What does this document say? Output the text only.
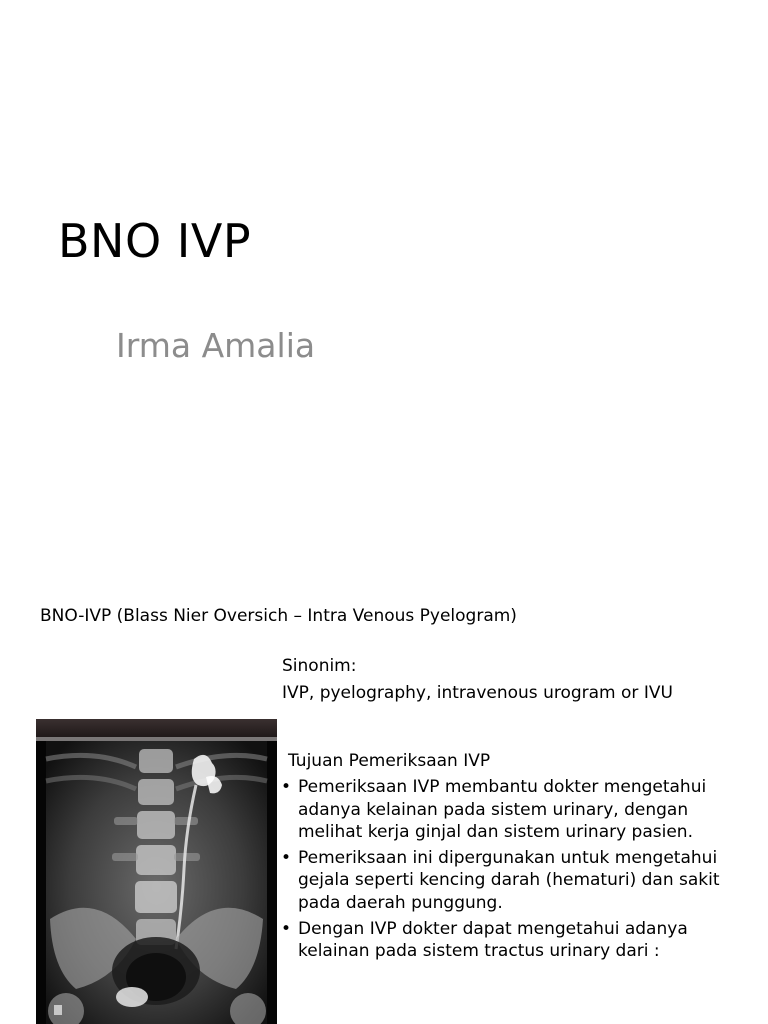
BNO IVP
Irma Amalia
BNO-IVP (Blass Nier Oversich – Intra Venous Pyelogram)
Sinonim:
IVP, pyelography, intravenous urogram or IVU
Tujuan Pemeriksaan IVP
• Pemeriksaan IVP membantu dokter mengetahui adanya kelainan pada sistem urinary, dengan melihat kerja ginjal dan sistem urinary pasien.
• Pemeriksaan ini dipergunakan untuk mengetahui gejala seperti kencing darah (hematuri) dan sakit pada daerah punggung.
• Dengan IVP dokter dapat mengetahui adanya kelainan pada sistem tractus urinary dari :
